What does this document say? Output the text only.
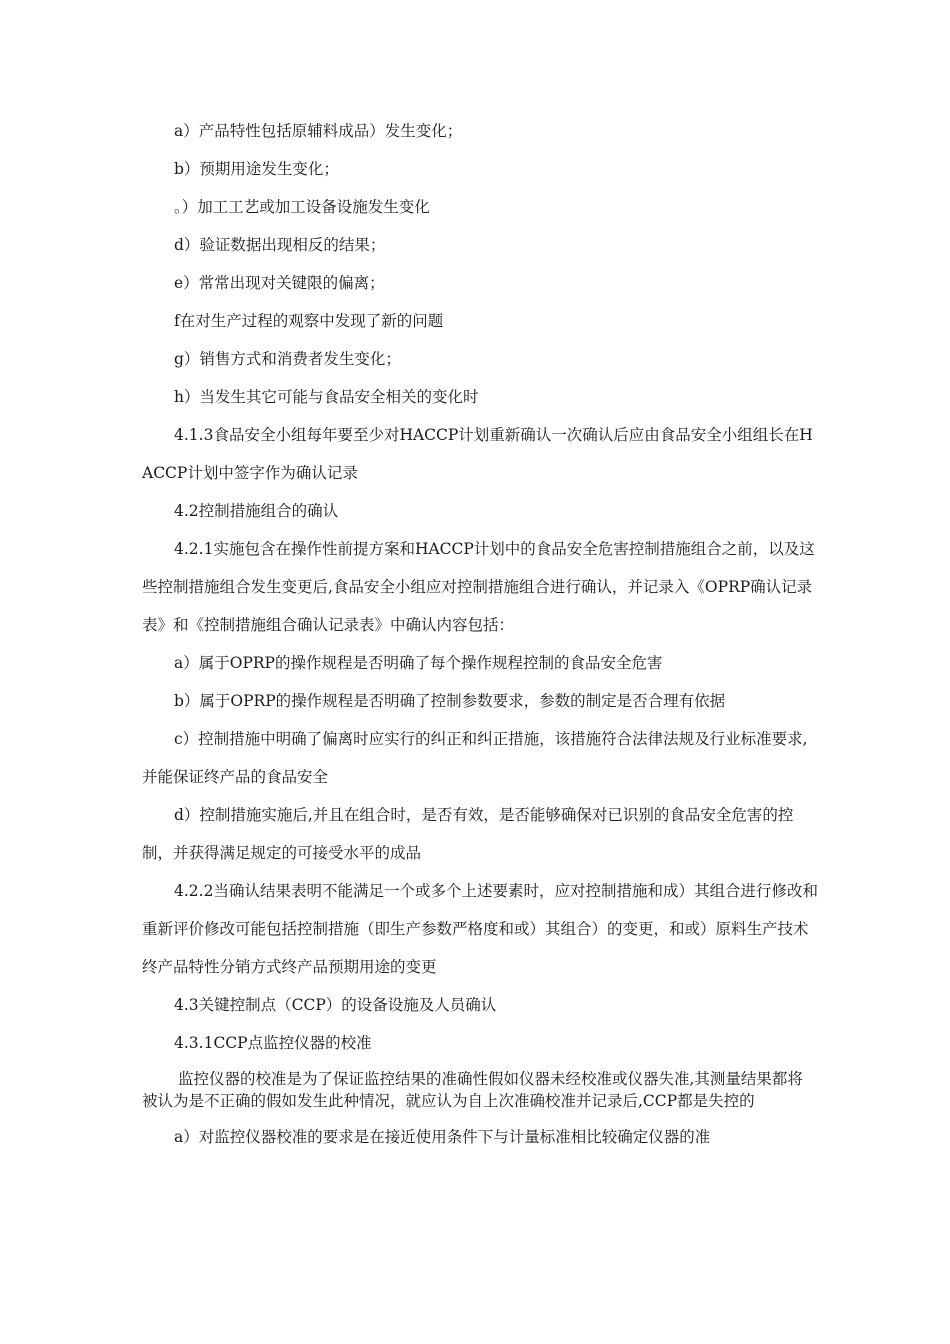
a）产品特性包括原辅料成品）发生变化；

b）预期用途发生变化；

。）加工工艺或加工设备设施发生变化

d）验证数据出现相反的结果；

e）常常出现对关键限的偏离；

f在对生产过程的观察中发现了新的问题

g）销售方式和消费者发生变化；

h）当发生其它可能与食品安全相关的变化时

4.1.3食品安全小组每年要至少对HACCP计划重新确认一次确认后应由食品安全小组组长在HACCP计划中签字作为确认记录

4.2控制措施组合的确认

4.2.1实施包含在操作性前提方案和HACCP计划中的食品安全危害控制措施组合之前，以及这些控制措施组合发生变更后,食品安全小组应对控制措施组合进行确认，并记录入《OPRP确认记录表》和《控制措施组合确认记录表》中确认内容包括：

a）属于OPRP的操作规程是否明确了每个操作规程控制的食品安全危害

b）属于OPRP的操作规程是否明确了控制参数要求，参数的制定是否合理有依据

c）控制措施中明确了偏离时应实行的纠正和纠正措施，该措施符合法律法规及行业标准要求,并能保证终产品的食品安全

d）控制措施实施后,并且在组合时，是否有效，是否能够确保对已识别的食品安全危害的控制，并获得满足规定的可接受水平的成品

4.2.2当确认结果表明不能满足一个或多个上述要素时，应对控制措施和成）其组合进行修改和重新评价修改可能包括控制措施（即生产参数严格度和或）其组合）的变更，和或）原料生产技术终产品特性分销方式终产品预期用途的变更

4.3关键控制点（CCP）的设备设施及人员确认

4.3.1CCP点监控仪器的校准

监控仪器的校准是为了保证监控结果的准确性假如仪器未经校准或仪器失准,其测量结果都将被认为是不正确的假如发生此种情况，就应认为自上次准确校准并记录后,CCP都是失控的

a）对监控仪器校准的要求是在接近使用条件下与计量标准相比较确定仪器的准
